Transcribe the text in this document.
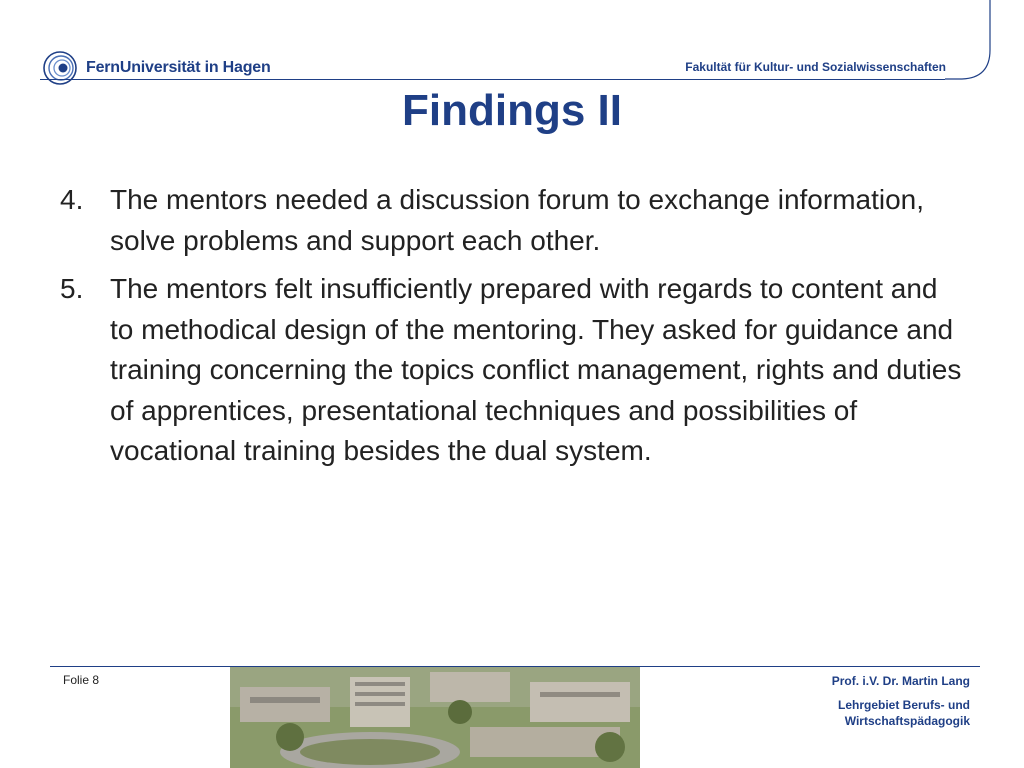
FernUniversität in Hagen	Fakultät für Kultur- und Sozialwissenschaften
Findings II
4. The mentors needed a discussion forum to exchange information, solve problems and support each other.
5. The mentors felt insufficiently prepared with regards to content and to methodical design of the mentoring. They asked for guidance and training concerning the topics conflict management, rights and duties of apprentices, presentational techniques and possibilities of vocational training besides the dual system.
Folie 8	Prof. i.V. Dr. Martin Lang
Lehrgebiet Berufs- und
Wirtschaftspädagogik
